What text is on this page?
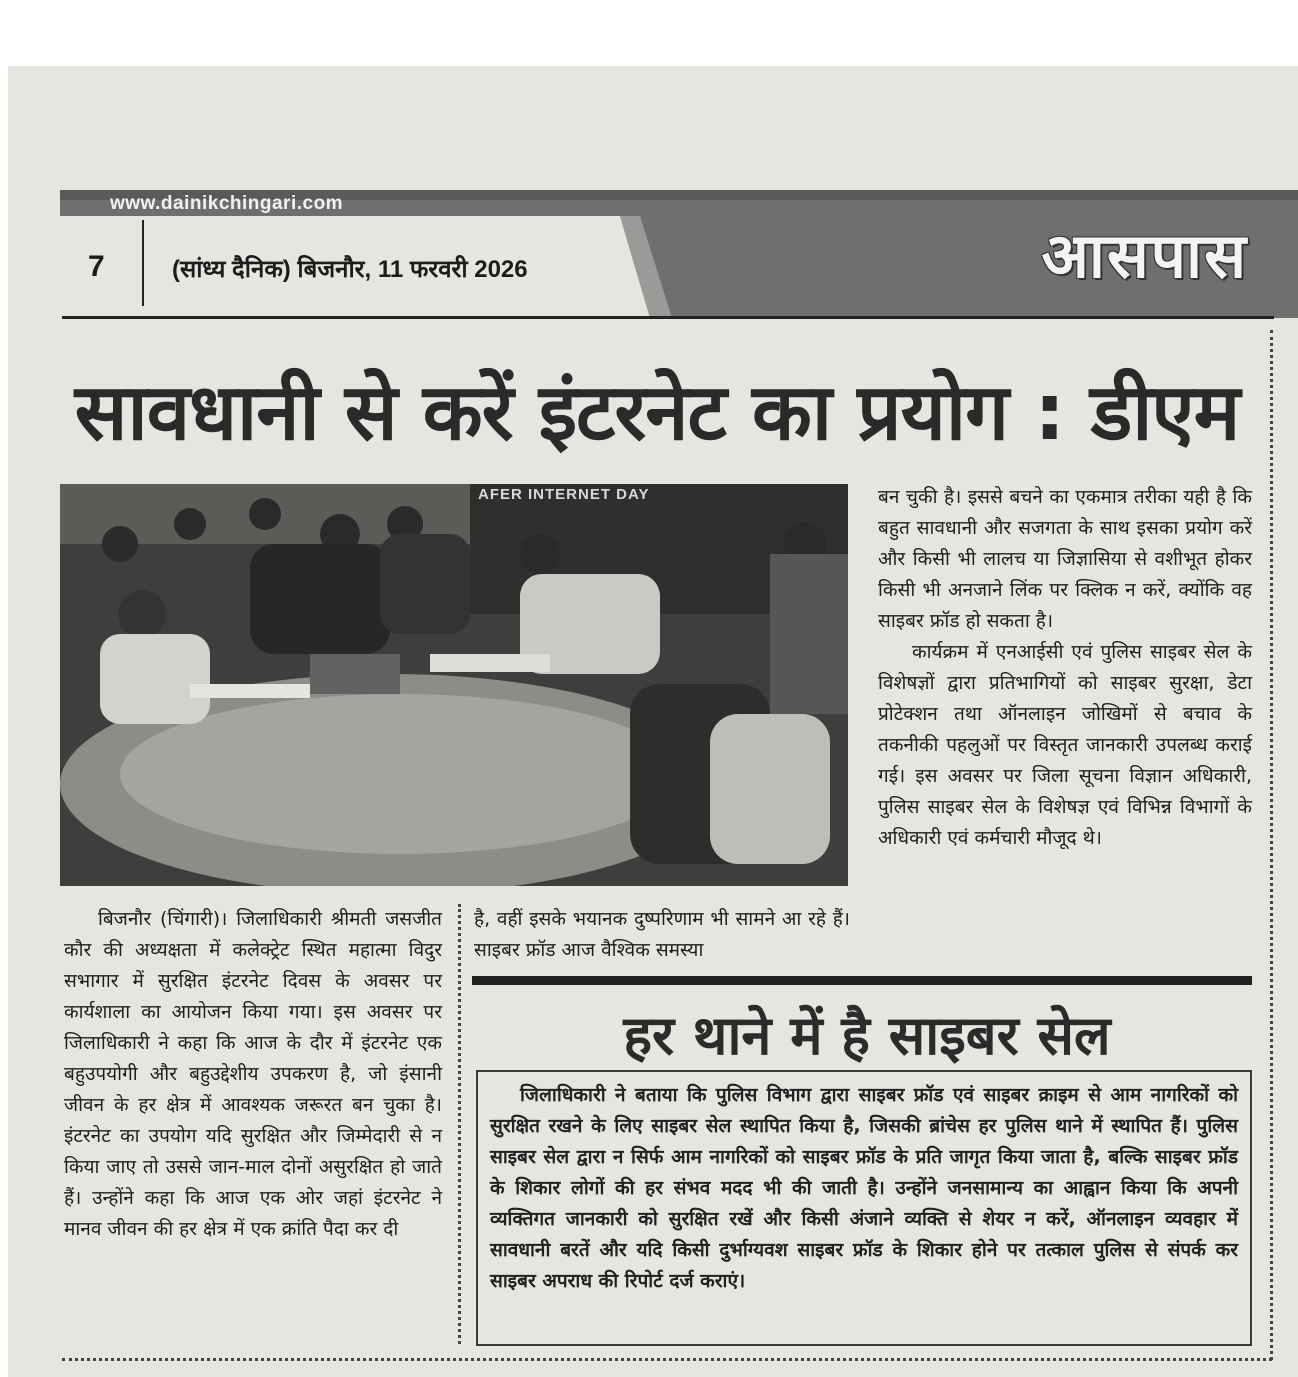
www.dainikchingari.com
7	(सांध्य दैनिक) बिजनौर, 11 फरवरी 2026	आसपास
सावधानी से करें इंटरनेट का प्रयोग : डीएम
AFER INTERNET DAY

बिजनौर (चिंगारी)। जिलाधिकारी श्रीमती जसजीत कौर की अध्यक्षता में कलेक्ट्रेट स्थित महात्मा विदुर सभागार में सुरक्षित इंटरनेट दिवस के अवसर पर कार्यशाला का आयोजन किया गया। इस अवसर पर जिलाधिकारी ने कहा कि आज के दौर में इंटरनेट एक बहुउपयोगी और बहुउद्देशीय उपकरण है, जो इंसानी जीवन के हर क्षेत्र में आवश्यक जरूरत बन चुका है। इंटरनेट का उपयोग यदि सुरक्षित और जिम्मेदारी से न किया जाए तो उससे जान-माल दोनों असुरक्षित हो जाते हैं। उन्होंने कहा कि आज एक ओर जहां इंटरनेट ने मानव जीवन की हर क्षेत्र में एक क्रांति पैदा कर दी

है, वहीं इसके भयानक दुष्परिणाम भी सामने आ रहे हैं। साइबर फ्रॉड आज वैश्विक समस्या

बन चुकी है। इससे बचने का एकमात्र तरीका यही है कि बहुत सावधानी और सजगता के साथ इसका प्रयोग करें और किसी भी लालच या जिज्ञासिया से वशीभूत होकर किसी भी अनजाने लिंक पर क्लिक न करें, क्योंकि वह साइबर फ्रॉड हो सकता है।

कार्यक्रम में एनआईसी एवं पुलिस साइबर सेल के विशेषज्ञों द्वारा प्रतिभागियों को साइबर सुरक्षा, डेटा प्रोटेक्शन तथा ऑनलाइन जोखिमों से बचाव के तकनीकी पहलुओं पर विस्तृत जानकारी उपलब्ध कराई गई। इस अवसर पर जिला सूचना विज्ञान अधिकारी, पुलिस साइबर सेल के विशेषज्ञ एवं विभिन्न विभागों के अधिकारी एवं कर्मचारी मौजूद थे।

हर थाने में है साइबर सेल
जिलाधिकारी ने बताया कि पुलिस विभाग द्वारा साइबर फ्रॉड एवं साइबर क्राइम से आम नागरिकों को सुरक्षित रखने के लिए साइबर सेल स्थापित किया है, जिसकी ब्रांचेस हर पुलिस थाने में स्थापित हैं। पुलिस साइबर सेल द्वारा न सिर्फ आम नागरिकों को साइबर फ्रॉड के प्रति जागृत किया जाता है, बल्कि साइबर फ्रॉड के शिकार लोगों की हर संभव मदद भी की जाती है। उन्होंने जनसामान्य का आह्वान किया कि अपनी व्यक्तिगत जानकारी को सुरक्षित रखें और किसी अंजाने व्यक्ति से शेयर न करें, ऑनलाइन व्यवहार में सावधानी बरतें और यदि किसी दुर्भाग्यवश साइबर फ्रॉड के शिकार होने पर तत्काल पुलिस से संपर्क कर साइबर अपराध की रिपोर्ट दर्ज कराएं।
